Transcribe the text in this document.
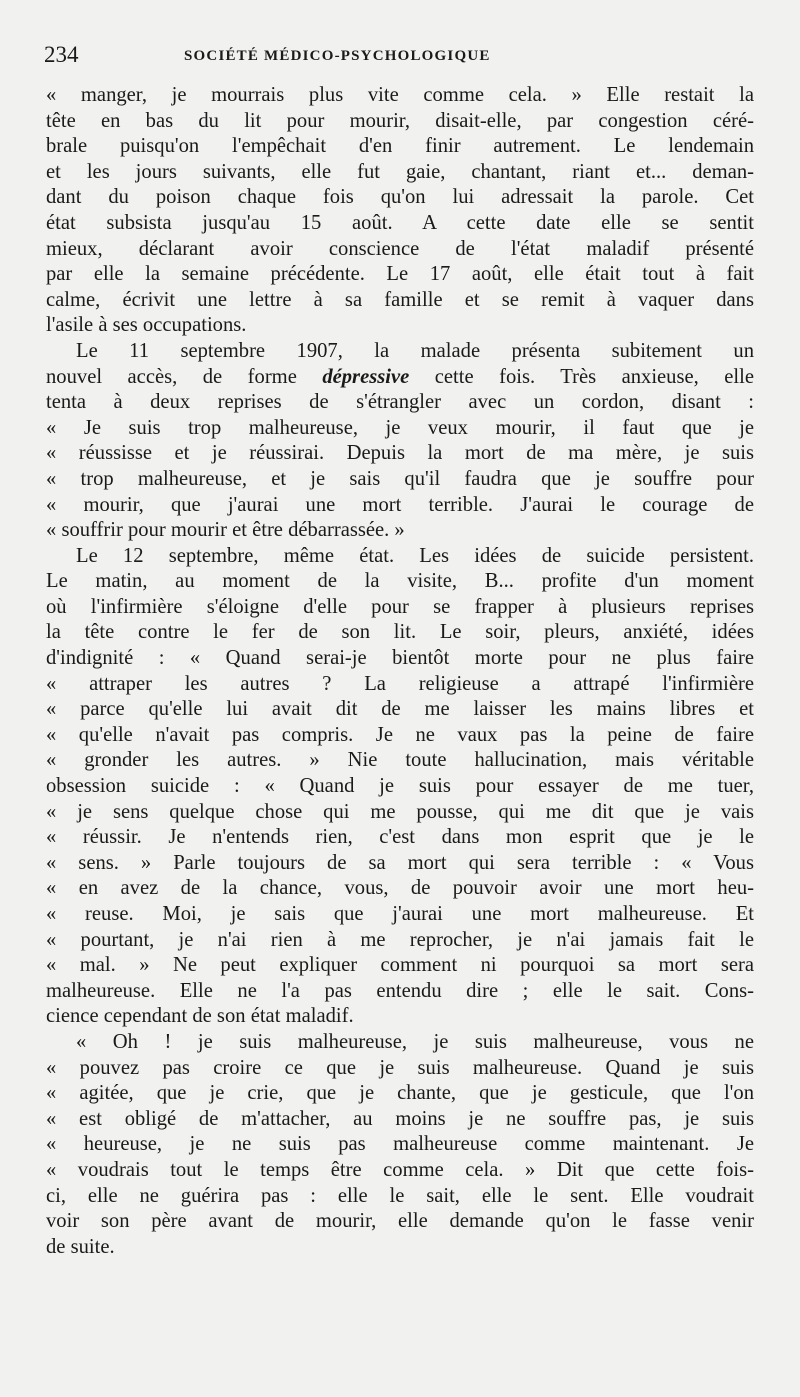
234	SOCIÉTÉ MÉDICO-PSYCHOLOGIQUE
« manger, je mourrais plus vite comme cela. » Elle restait la
tête en bas du lit pour mourir, disait-elle, par congestion céré-
brale puisqu'on l'empêchait d'en finir autrement. Le lendemain
et les jours suivants, elle fut gaie, chantant, riant et... deman-
dant du poison chaque fois qu'on lui adressait la parole. Cet
état subsista jusqu'au 15 août. A cette date elle se sentit
mieux, déclarant avoir conscience de l'état maladif présenté
par elle la semaine précédente. Le 17 août, elle était tout à fait
calme, écrivit une lettre à sa famille et se remit à vaquer dans
l'asile à ses occupations.
Le 11 septembre 1907, la malade présenta subitement un
nouvel accès, de forme dépressive cette fois. Très anxieuse, elle
tenta à deux reprises de s'étrangler avec un cordon, disant :
« Je suis trop malheureuse, je veux mourir, il faut que je
« réussisse et je réussirai. Depuis la mort de ma mère, je suis
« trop malheureuse, et je sais qu'il faudra que je souffre pour
« mourir, que j'aurai une mort terrible. J'aurai le courage de
« souffrir pour mourir et être débarrassée. »
Le 12 septembre, même état. Les idées de suicide persistent.
Le matin, au moment de la visite, B... profite d'un moment
où l'infirmière s'éloigne d'elle pour se frapper à plusieurs reprises
la tête contre le fer de son lit. Le soir, pleurs, anxiété, idées
d'indignité : « Quand serai-je bientôt morte pour ne plus faire
« attraper les autres ? La religieuse a attrapé l'infirmière
« parce qu'elle lui avait dit de me laisser les mains libres et
« qu'elle n'avait pas compris. Je ne vaux pas la peine de faire
« gronder les autres. » Nie toute hallucination, mais véritable
obsession suicide : « Quand je suis pour essayer de me tuer,
« je sens quelque chose qui me pousse, qui me dit que je vais
« réussir. Je n'entends rien, c'est dans mon esprit que je le
« sens. » Parle toujours de sa mort qui sera terrible : « Vous
« en avez de la chance, vous, de pouvoir avoir une mort heu-
« reuse. Moi, je sais que j'aurai une mort malheureuse. Et
« pourtant, je n'ai rien à me reprocher, je n'ai jamais fait le
« mal. » Ne peut expliquer comment ni pourquoi sa mort sera
malheureuse. Elle ne l'a pas entendu dire ; elle le sait. Cons-
cience cependant de son état maladif.
« Oh ! je suis malheureuse, je suis malheureuse, vous ne
« pouvez pas croire ce que je suis malheureuse. Quand je suis
« agitée, que je crie, que je chante, que je gesticule, que l'on
« est obligé de m'attacher, au moins je ne souffre pas, je suis
« heureuse, je ne suis pas malheureuse comme maintenant. Je
« voudrais tout le temps être comme cela. » Dit que cette fois-
ci, elle ne guérira pas : elle le sait, elle le sent. Elle voudrait
voir son père avant de mourir, elle demande qu'on le fasse venir
de suite.
